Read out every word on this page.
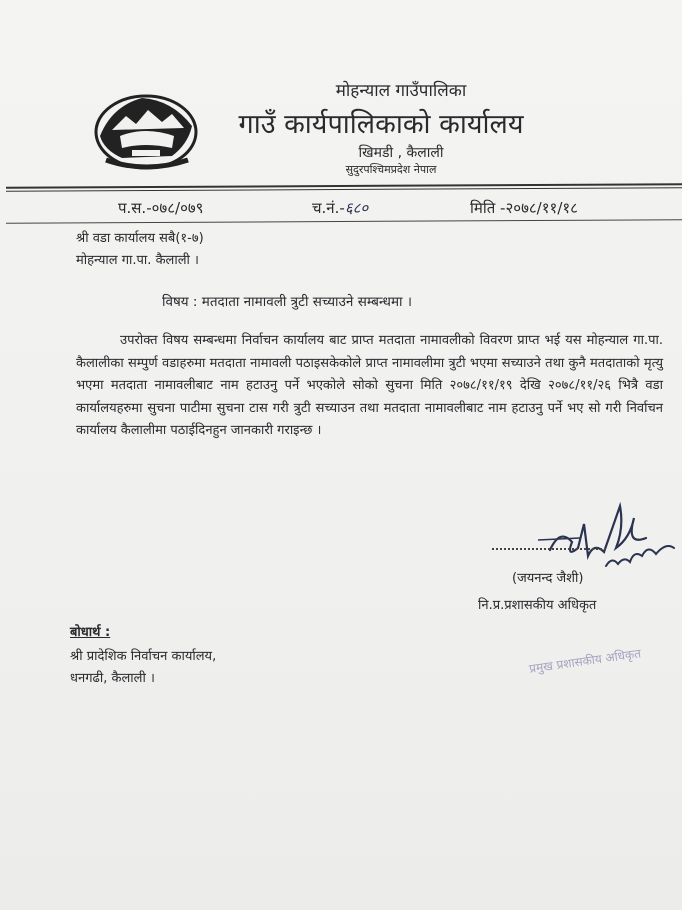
मोहन्याल गाउँपालिका
गाउँ कार्यपालिकाको कार्यालय
खिमडी , कैलाली
सुदुरपश्चिमप्रदेश नेपाल
प.स.-०७८/०७९	च.नं.-६८०	मिति -२०७८/११/१८
श्री वडा कार्यालय सबै(१-७)
मोहन्याल गा.पा. कैलाली ।
विषय : मतदाता नामावली त्रुटी सच्याउने सम्बन्धमा ।
उपरोक्त विषय सम्बन्धमा निर्वाचन कार्यालय बाट प्राप्त मतदाता नामावलीको विवरण प्राप्त भई यस मोहन्याल गा.पा. कैलालीका सम्पुर्ण वडाहरुमा मतदाता नामावली पठाइसकेकोले प्राप्त नामावलीमा त्रुटी भएमा सच्याउने तथा कुनै मतदाताको मृत्यु भएमा मतदाता नामावलीबाट नाम हटाउनु पर्ने भएकोले सोको सुचना मिति २०७८/११/१९ देखि २०७८/११/२६ भित्रै वडा कार्यालयहरुमा सुचना पाटीमा सुचना टास गरी त्रुटी सच्याउन तथा मतदाता नामावलीबाट नाम हटाउनु पर्ने भए सो गरी निर्वाचन कार्यालय कैलालीमा पठाईदिनहुन जानकारी गराइन्छ ।
(जयनन्द जैशी)
नि.प्र.प्रशासकीय अधिकृत
बोधार्थ :
श्री प्रादेशिक निर्वाचन कार्यालय,
धनगढी, कैलाली ।
प्रमुख प्रशासकीय अधिकृत
